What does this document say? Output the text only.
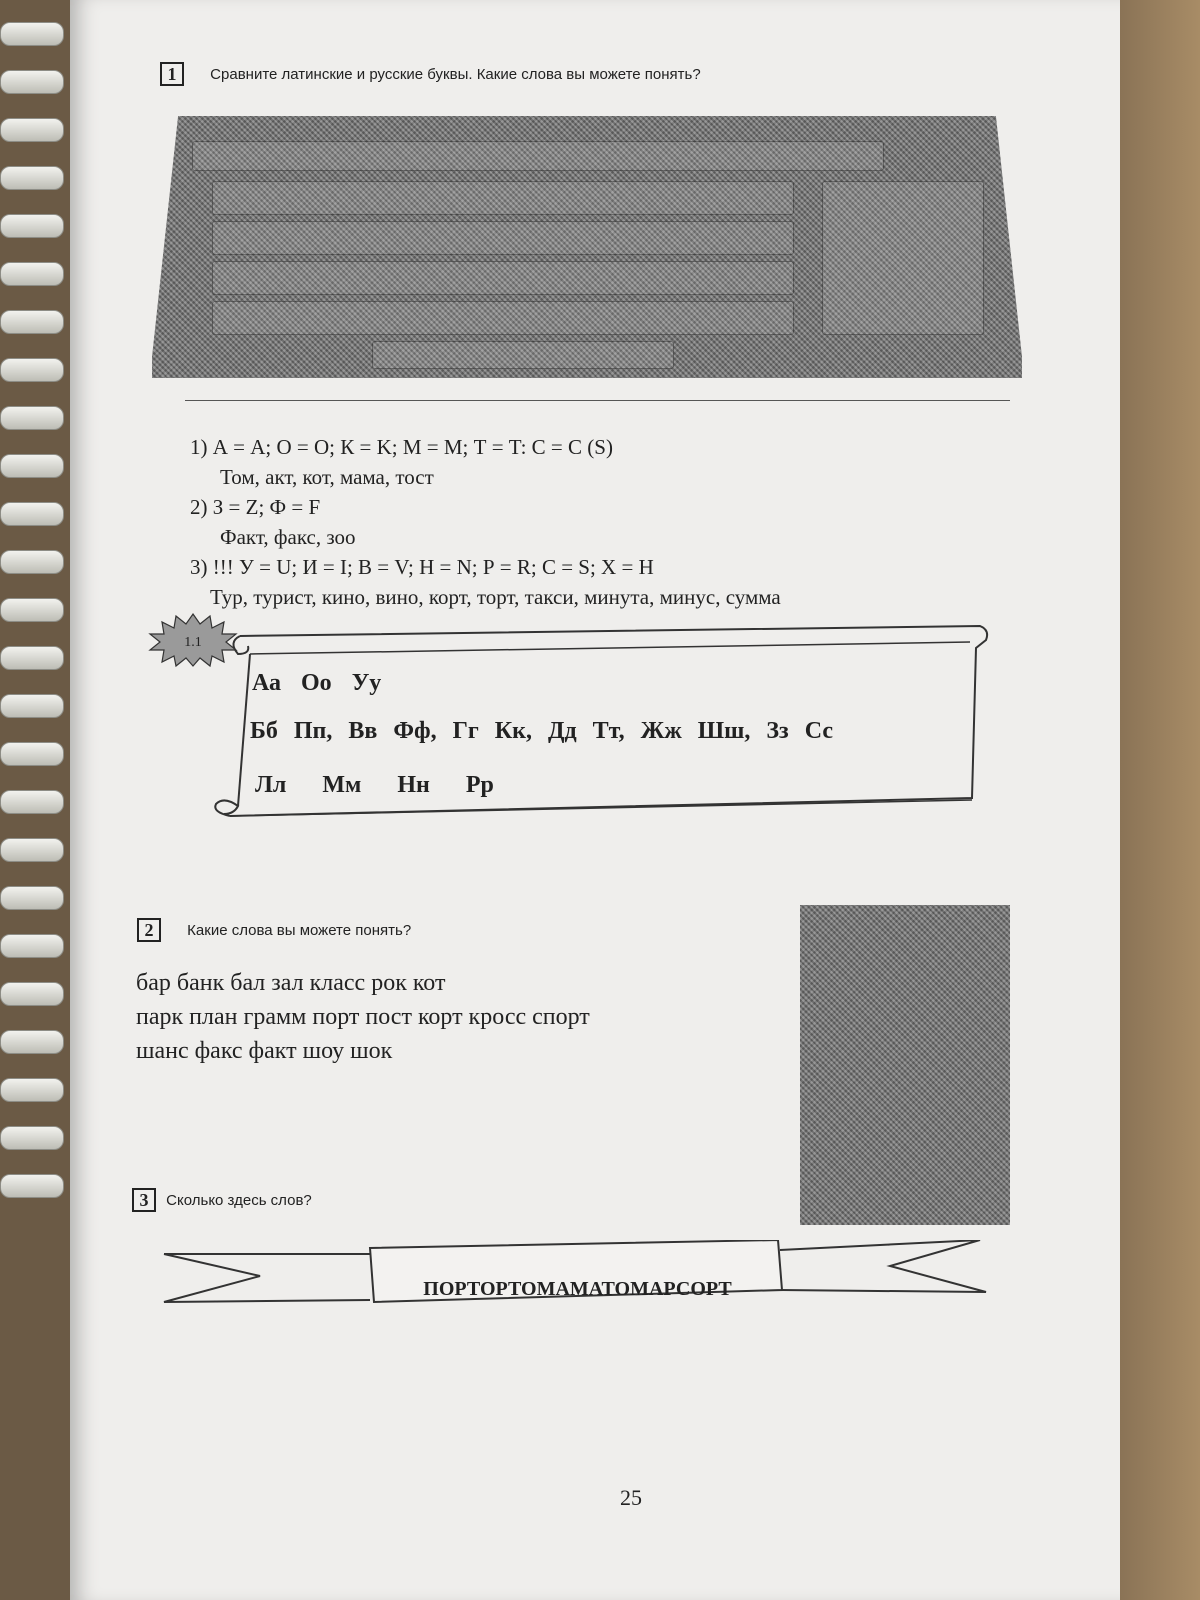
1 Сравните латинские и русские буквы. Какие слова вы можете понять?
1) А = A; О = O; К = K; М = M; Т = T: С = C (S)
Том, акт, кот, мама, тост
2) З = Z; Ф = F
Факт, факс, зоо
3) !!! У = U; И = I; В = V; Н = N; Р = R; С = S; Х = H
Тур, турист, кино, вино, корт, торт, такси, минута, минус, сумма
1.1
Аа Оо Уу
Бб Пп, Вв Фф, Гг Кк, Дд Тт, Жж Шш, Зз Сс
Лл Мм Нн Рр
2 Какие слова вы можете понять?
бар банк бал зал класс рок кот
парк план грамм порт пост корт кросс спорт
шанс факс факт шоу шок
3 Сколько здесь слов?
ПОРТОРТОМАМАТОМАРСОРТ
25
